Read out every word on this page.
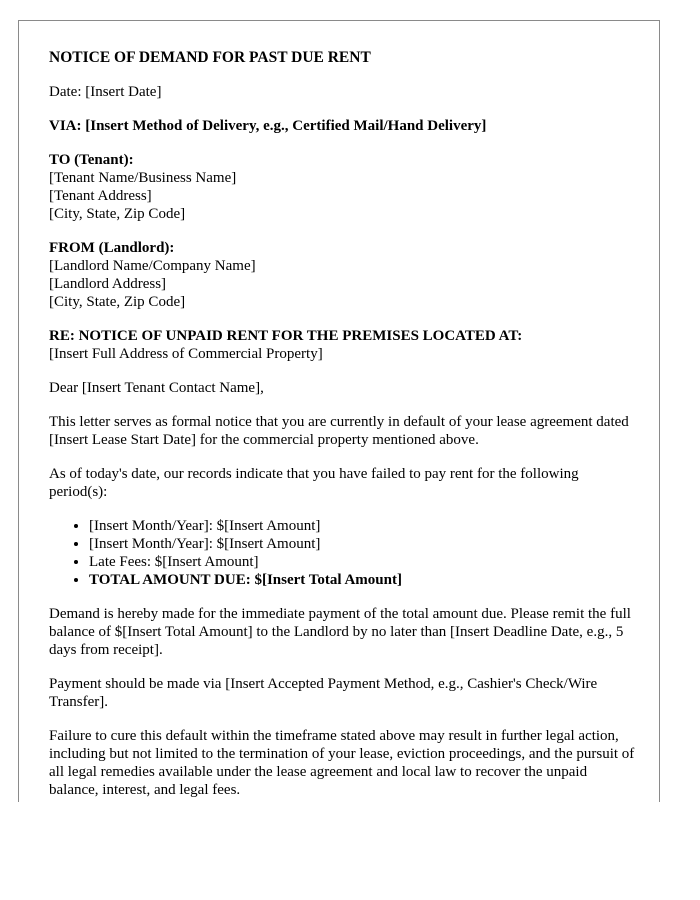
NOTICE OF DEMAND FOR PAST DUE RENT
Date: [Insert Date]
VIA: [Insert Method of Delivery, e.g., Certified Mail/Hand Delivery]
TO (Tenant):
[Tenant Name/Business Name]
[Tenant Address]
[City, State, Zip Code]
FROM (Landlord):
[Landlord Name/Company Name]
[Landlord Address]
[City, State, Zip Code]
RE: NOTICE OF UNPAID RENT FOR THE PREMISES LOCATED AT:
[Insert Full Address of Commercial Property]
Dear [Insert Tenant Contact Name],
This letter serves as formal notice that you are currently in default of your lease agreement dated [Insert Lease Start Date] for the commercial property mentioned above.
As of today's date, our records indicate that you have failed to pay rent for the following period(s):
• [Insert Month/Year]: $[Insert Amount]
• [Insert Month/Year]: $[Insert Amount]
• Late Fees: $[Insert Amount]
• TOTAL AMOUNT DUE: $[Insert Total Amount]
Demand is hereby made for the immediate payment of the total amount due. Please remit the full balance of $[Insert Total Amount] to the Landlord by no later than [Insert Deadline Date, e.g., 5 days from receipt].
Payment should be made via [Insert Accepted Payment Method, e.g., Cashier's Check/Wire Transfer].
Failure to cure this default within the timeframe stated above may result in further legal action, including but not limited to the termination of your lease, eviction proceedings, and the pursuit of all legal remedies available under the lease agreement and local law to recover the unpaid balance, interest, and legal fees.
